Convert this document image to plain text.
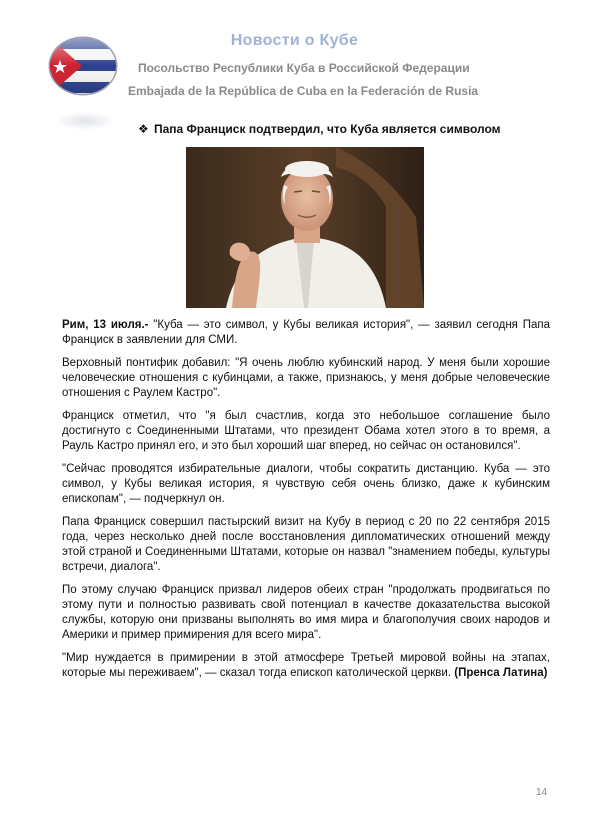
Новости о Кубе
Посольство Республики Куба в Российской Федерации
Embajada de la República de Cuba en la Federación de Rusia
❖ Папа Франциск подтвердил, что Куба является символом

Рим, 13 июля.- "Куба — это символ, у Кубы великая история", — заявил сегодня Папа Франциск в заявлении для СМИ.

Верховный понтифик добавил: "Я очень люблю кубинский народ. У меня были хорошие человеческие отношения с кубинцами, а также, признаюсь, у меня добрые человеческие отношения с Раулем Кастро".

Франциск отметил, что "я был счастлив, когда это небольшое соглашение было достигнуто с Соединенными Штатами, что президент Обама хотел этого в то время, а Рауль Кастро принял его, и это был хороший шаг вперед, но сейчас он остановился".

"Сейчас проводятся избирательные диалоги, чтобы сократить дистанцию. Куба — это символ, у Кубы великая история, я чувствую себя очень близко, даже к кубинским епископам", — подчеркнул он.

Папа Франциск совершил пастырский визит на Кубу в период с 20 по 22 сентября 2015 года, через несколько дней после восстановления дипломатических отношений между этой страной и Соединенными Штатами, которые он назвал "знамением победы, культуры встречи, диалога".

По этому случаю Франциск призвал лидеров обеих стран "продолжать продвигаться по этому пути и полностью развивать свой потенциал в качестве доказательства высокой службы, которую они призваны выполнять во имя мира и благополучия своих народов и Америки и пример примирения для всего мира".

"Мир нуждается в примирении в этой атмосфере Третьей мировой войны на этапах, которые мы переживаем", — сказал тогда епископ католической церкви. (Пренса Латина)

14
